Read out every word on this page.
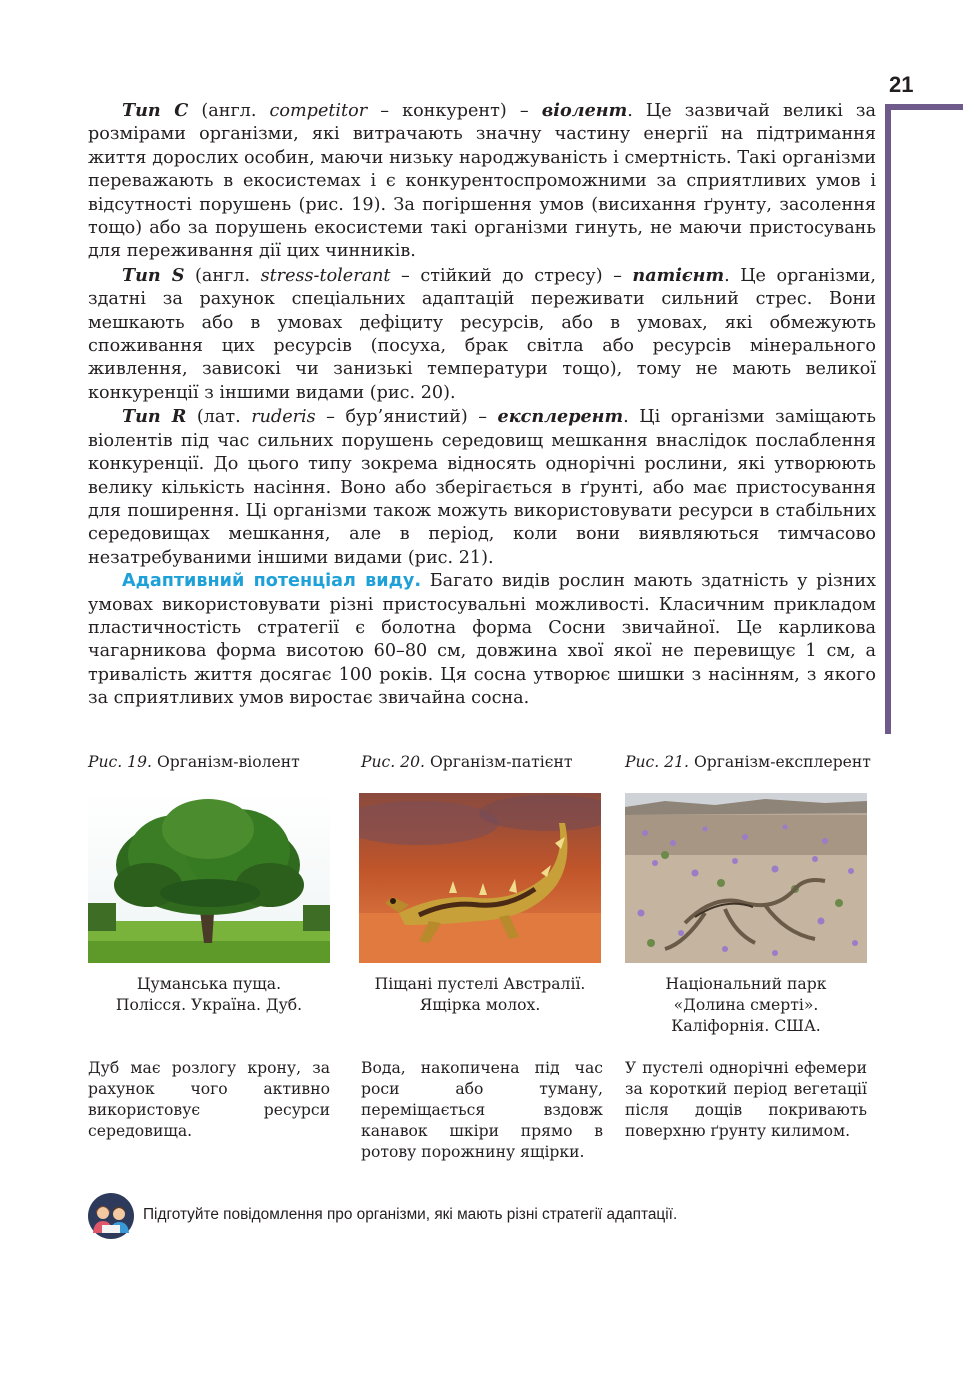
21

Тип C (англ. competitor – конкурент) – віолент. Це зазвичай великі за розмірами організми, які витрачають значну частину енергії на підтримання життя дорослих особин, маючи низьку народжуваність і смертність. Такі організми переважають в екосистемах і є конкурентоспроможними за сприятливих умов і відсутності порушень (рис. 19). За погіршення умов (висихання ґрунту, засолення тощо) або за порушень екосистеми такі організми гинуть, не маючи пристосувань для переживання дії цих чинників.

Тип S (англ. stress-tolerant – стійкий до стресу) – патієнт. Це організми, здатні за рахунок спеціальних адаптацій переживати сильний стрес. Вони мешкають або в умовах дефіциту ресурсів, або в умовах, які обмежують споживання цих ресурсів (посуха, брак світла або ресурсів мінерального живлення, зависокі чи занизькі температури тощо), тому не мають великої конкуренції з іншими видами (рис. 20).

Тип R (лат. ruderis – бур’янистий) – експлерент. Ці організми заміщають віолентів під час сильних порушень середовищ мешкання внаслідок послаблення конкуренції. До цього типу зокрема відносять однорічні рослини, які утворюють велику кількість насіння. Воно або зберігається в ґрунті, або має пристосування для поширення. Ці організми також можуть використовувати ресурси в стабільних середовищах мешкання, але в період, коли вони виявляються тимчасово незатребуваними іншими видами (рис. 21).

Адаптивний потенціал виду. Багато видів рослин мають здатність у різних умовах використовувати різні пристосувальні можливості. Класичним прикладом пластичностість стратегії є болотна форма Сосни звичайної. Це карликова чагарникова форма висотою 60–80 см, довжина хвої якої не перевищує 1 см, а тривалість життя досягає 100 років. Ця сосна утворює шишки з насінням, з якого за сприятливих умов виростає звичайна сосна.

Рис. 19. Організм-віолент
Цуманська пуща.
Полісся. Україна. Дуб.
Дуб має розлогу крону, за рахунок чого активно використовує ресурси середовища.
Рис. 20. Організм-патієнт
Піщані пустелі Австралії.
Ящірка молох.
Вода, накопичена під час роси або туману, переміщається вздовж канавок шкіри прямо в ротову порожнину ящірки.
Рис. 21. Організм-експлерент
Національний парк
«Долина смерті».
Каліфорнія. США.
У пустелі однорічні ефемери за короткий період вегетації після дощів покривають поверхню ґрунту килимом.
Підготуйте повідомлення про організми, які мають різні стратегії адаптації.
